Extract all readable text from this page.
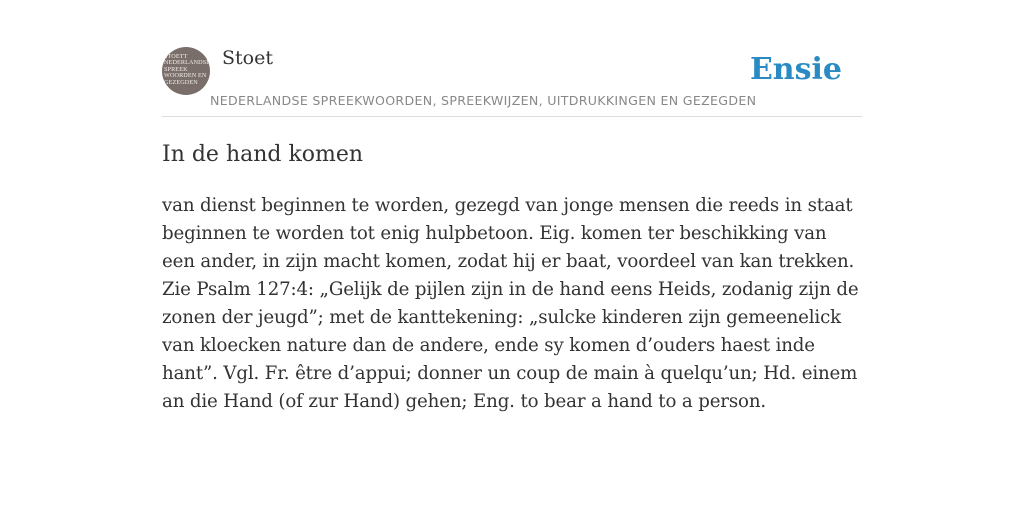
STOETT
NEDERLANDSE
SPREEK
WOORDEN EN
GEZEGDEN
Stoet
NEDERLANDSE SPREEKWOORDEN, SPREEKWIJZEN, UITDRUKKINGEN EN GEZEGDEN
Ensie
In de hand komen

van dienst beginnen te worden, gezegd van jonge mensen die reeds in staat beginnen te worden tot enig hulpbetoon. Eig. komen ter beschikking van een ander, in zijn macht komen, zodat hij er baat, voordeel van kan trekken. Zie Psalm 127:4: „Gelijk de pijlen zijn in de hand eens Heids, zodanig zijn de zonen der jeugd”; met de kanttekening: „sulcke kinderen zijn gemeenelick van kloecken nature dan de andere, ende sy komen d’ouders haest inde hant”. Vgl. Fr. être d’appui; donner un coup de main à quelqu’un; Hd. einem an die Hand (of zur Hand) gehen; Eng. to bear a hand to a person.
